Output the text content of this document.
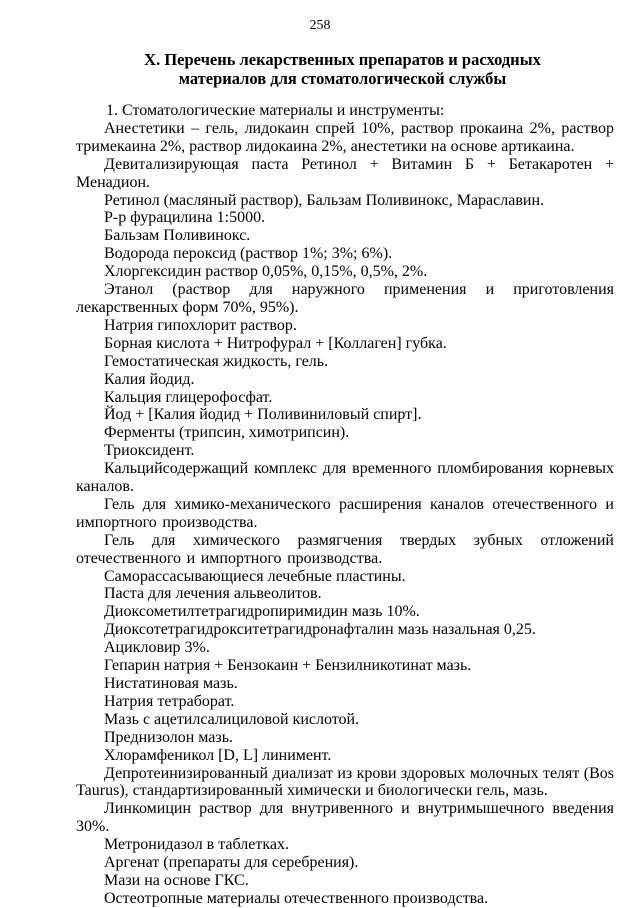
258
X. Перечень лекарственных препаратов и расходных
материалов для стоматологической службы

1. Стоматологические материалы и инструменты:

Анестетики – гель, лидокаин спрей 10%, раствор прокаина 2%, раствор тримекаина 2%, раствор лидокаина 2%, анестетики на основе артикаина.

Девитализирующая паста Ретинол + Витамин Б + Бетакаротен + Менадион.

Ретинол (масляный раствор), Бальзам Поливинокс, Мараславин.

Р-р фурацилина 1:5000.

Бальзам Поливинокс.

Водорода пероксид (раствор 1%; 3%; 6%).

Хлоргексидин раствор 0,05%, 0,15%, 0,5%, 2%.

Этанол (раствор для наружного применения и приготовления лекарственных форм 70%, 95%).

Натрия гипохлорит раствор.

Борная кислота + Нитрофурал + [Коллаген] губка.

Гемостатическая жидкость, гель.

Калия йодид.

Кальция глицерофосфат.

Йод + [Калия йодид + Поливиниловый спирт].

Ферменты (трипсин, химотрипсин).

Триоксидент.

Кальцийсодержащий комплекс для временного пломбирования корневых каналов.

Гель для химико-механического расширения каналов отечественного и импортного производства.

Гель для химического размягчения твердых зубных отложений отечественного и импортного производства.

Саморассасывающиеся лечебные пластины.

Паста для лечения альвеолитов.

Диоксометилтетрагидропиримидин мазь 10%.

Диоксотетрагидрокситетрагидронафталин мазь назальная 0,25.

Ацикловир 3%.

Гепарин натрия + Бензокаин + Бензилникотинат мазь.

Нистатиновая мазь.

Натрия тетраборат.

Мазь с ацетилсалициловой кислотой.

Преднизолон мазь.

Хлорамфеникол [D, L] линимент.

Депротеинизированный диализат из крови здоровых молочных телят (Bos Taurus), стандартизированный химически и биологически гель, мазь.

Линкомицин раствор для внутривенного и внутримышечного введения 30%.

Метронидазол в таблетках.

Аргенат (препараты для серебрения).

Мази на основе ГКС.

Остеотропные материалы отечественного производства.
